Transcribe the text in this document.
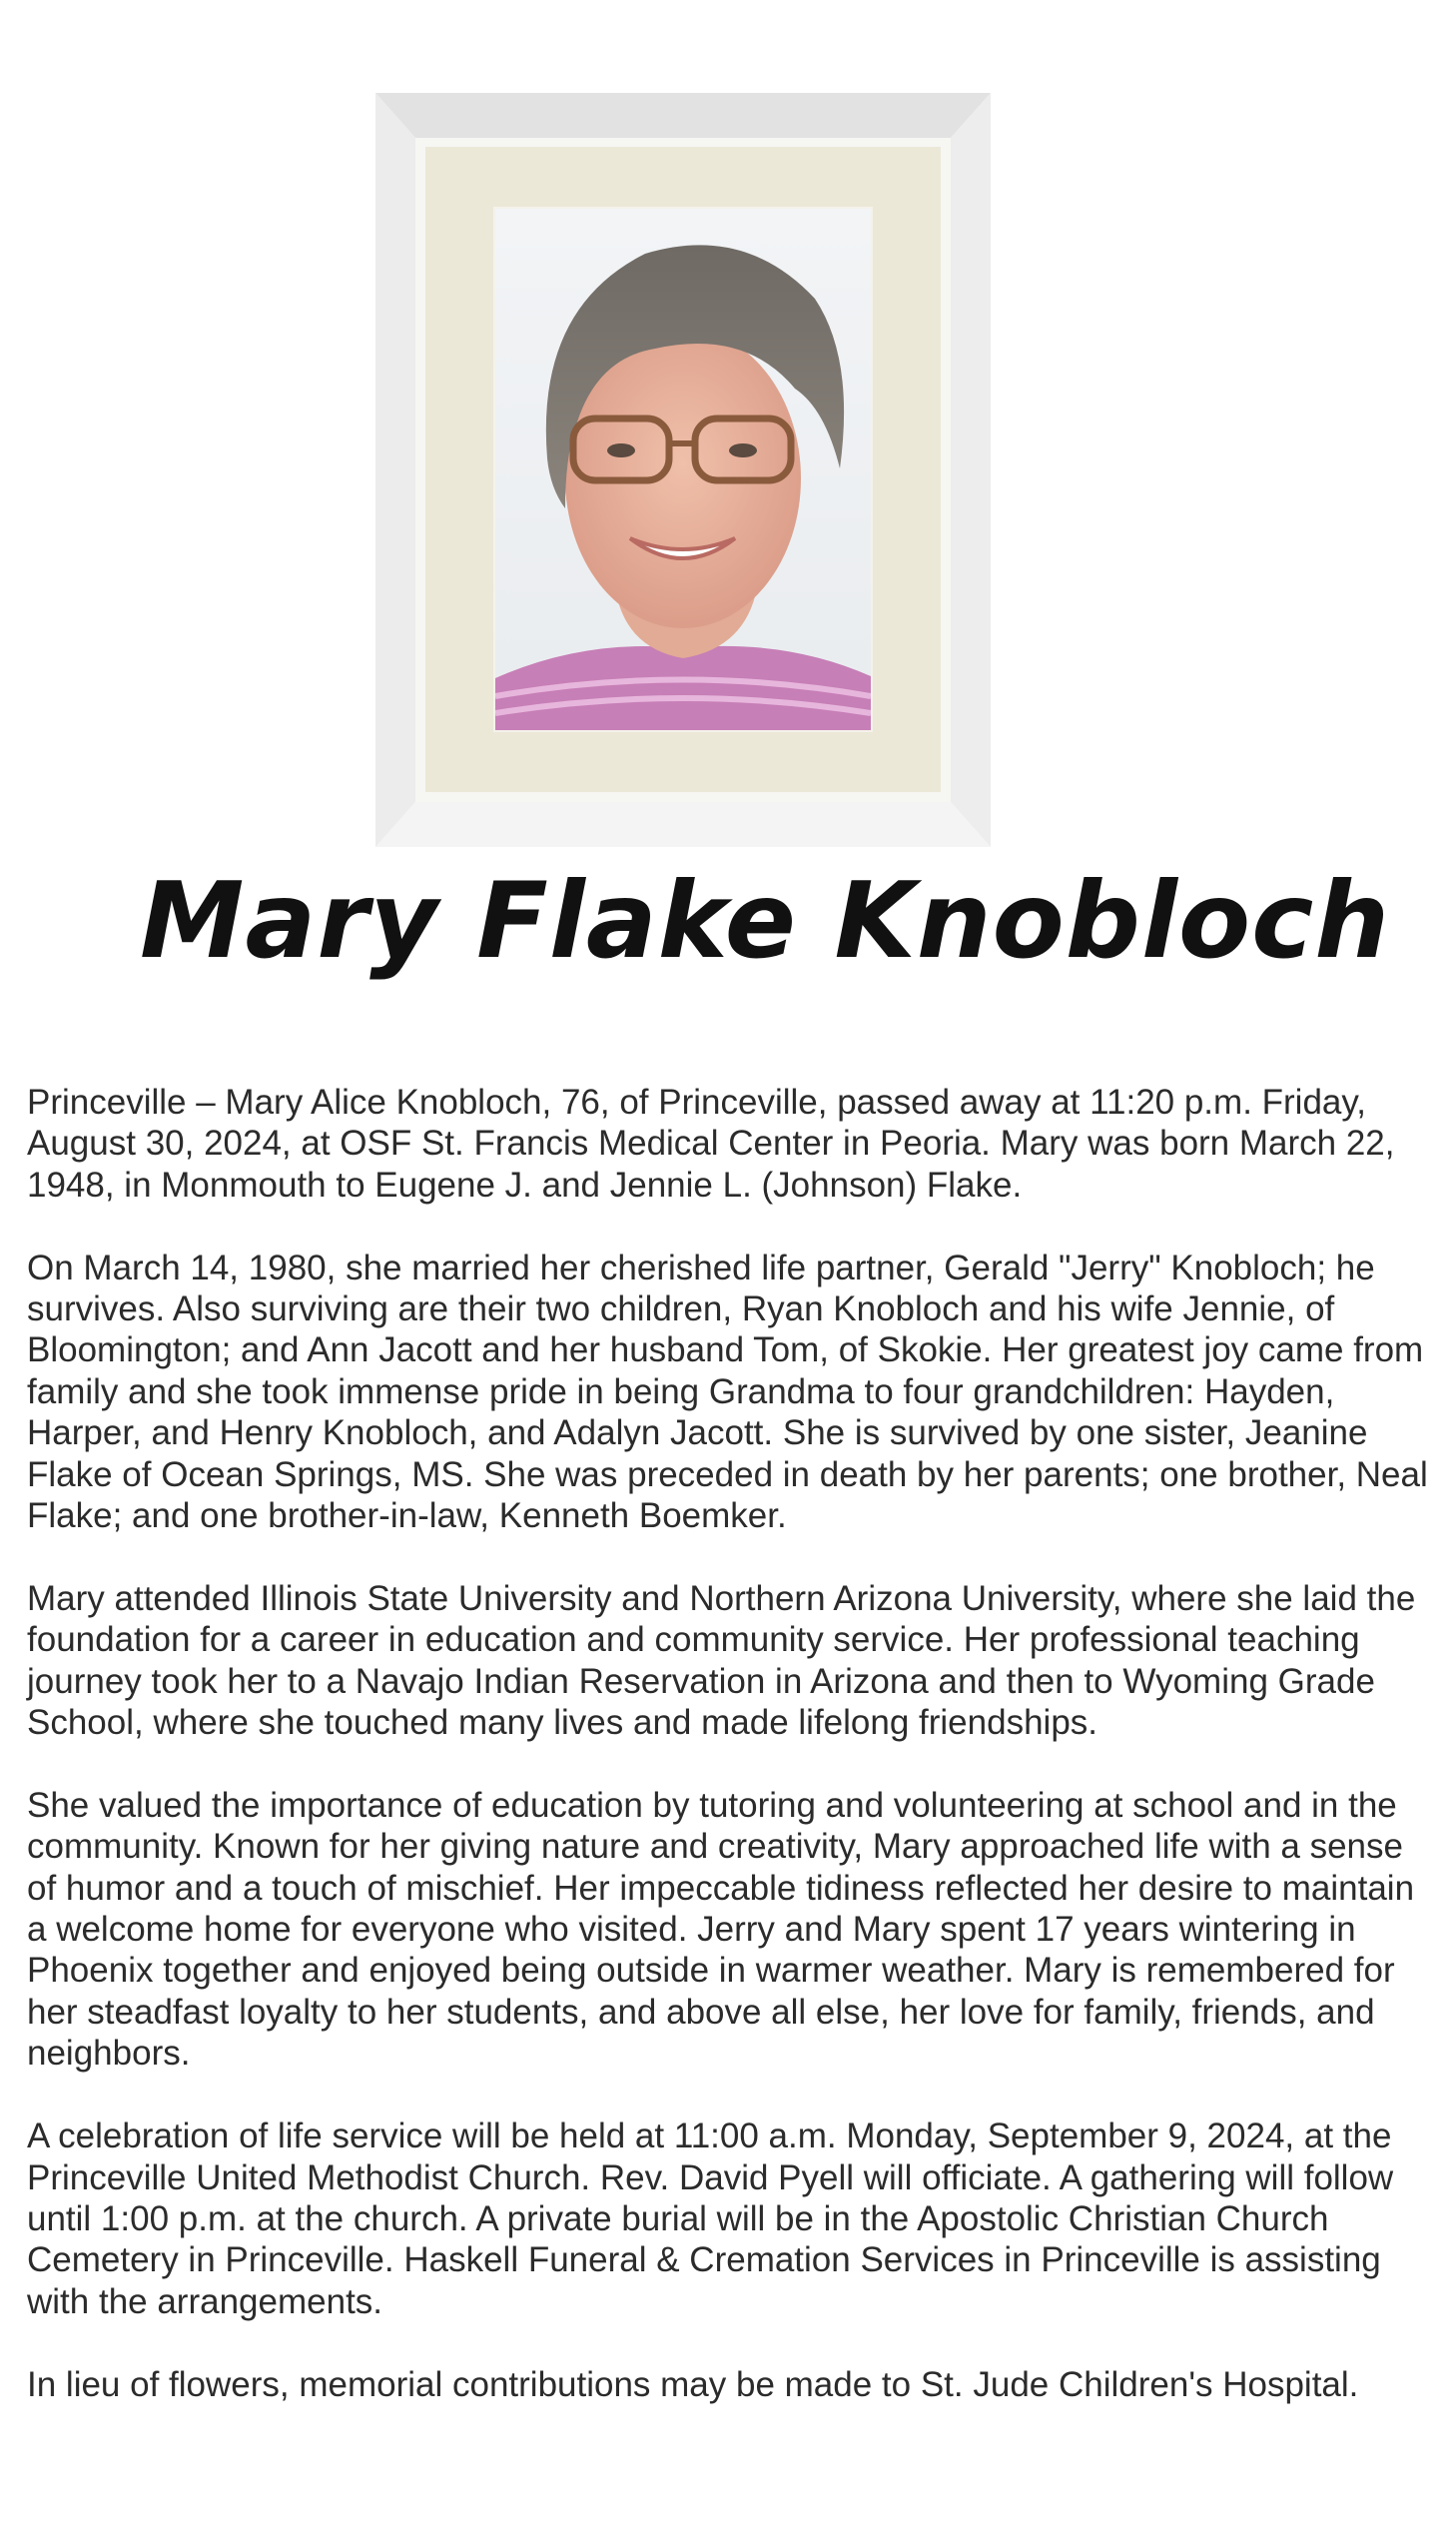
Mary Flake Knobloch

Princeville – Mary Alice Knobloch, 76, of Princeville, passed away at 11:20 p.m. Friday, August 30, 2024, at OSF St. Francis Medical Center in Peoria. Mary was born March 22, 1948, in Monmouth to Eugene J. and Jennie L. (Johnson) Flake.

On March 14, 1980, she married her cherished life partner, Gerald "Jerry" Knobloch; he survives. Also surviving are their two children, Ryan Knobloch and his wife Jennie, of Bloomington; and Ann Jacott and her husband Tom, of Skokie. Her greatest joy came from family and she took immense pride in being Grandma to four grandchildren: Hayden, Harper, and Henry Knobloch, and Adalyn Jacott. She is survived by one sister, Jeanine Flake of Ocean Springs, MS. She was preceded in death by her parents; one brother, Neal Flake; and one brother-in-law, Kenneth Boemker.

Mary attended Illinois State University and Northern Arizona University, where she laid the foundation for a career in education and community service. Her professional teaching journey took her to a Navajo Indian Reservation in Arizona and then to Wyoming Grade School, where she touched many lives and made lifelong friendships.

She valued the importance of education by tutoring and volunteering at school and in the community. Known for her giving nature and creativity, Mary approached life with a sense of humor and a touch of mischief. Her impeccable tidiness reflected her desire to maintain a welcome home for everyone who visited. Jerry and Mary spent 17 years wintering in Phoenix together and enjoyed being outside in warmer weather. Mary is remembered for her steadfast loyalty to her students, and above all else, her love for family, friends, and neighbors.

A celebration of life service will be held at 11:00 a.m. Monday, September 9, 2024, at the Princeville United Methodist Church. Rev. David Pyell will officiate. A gathering will follow until 1:00 p.m. at the church. A private burial will be in the Apostolic Christian Church Cemetery in Princeville. Haskell Funeral & Cremation Services in Princeville is assisting with the arrangements.

In lieu of flowers, memorial contributions may be made to St. Jude Children's Hospital.
